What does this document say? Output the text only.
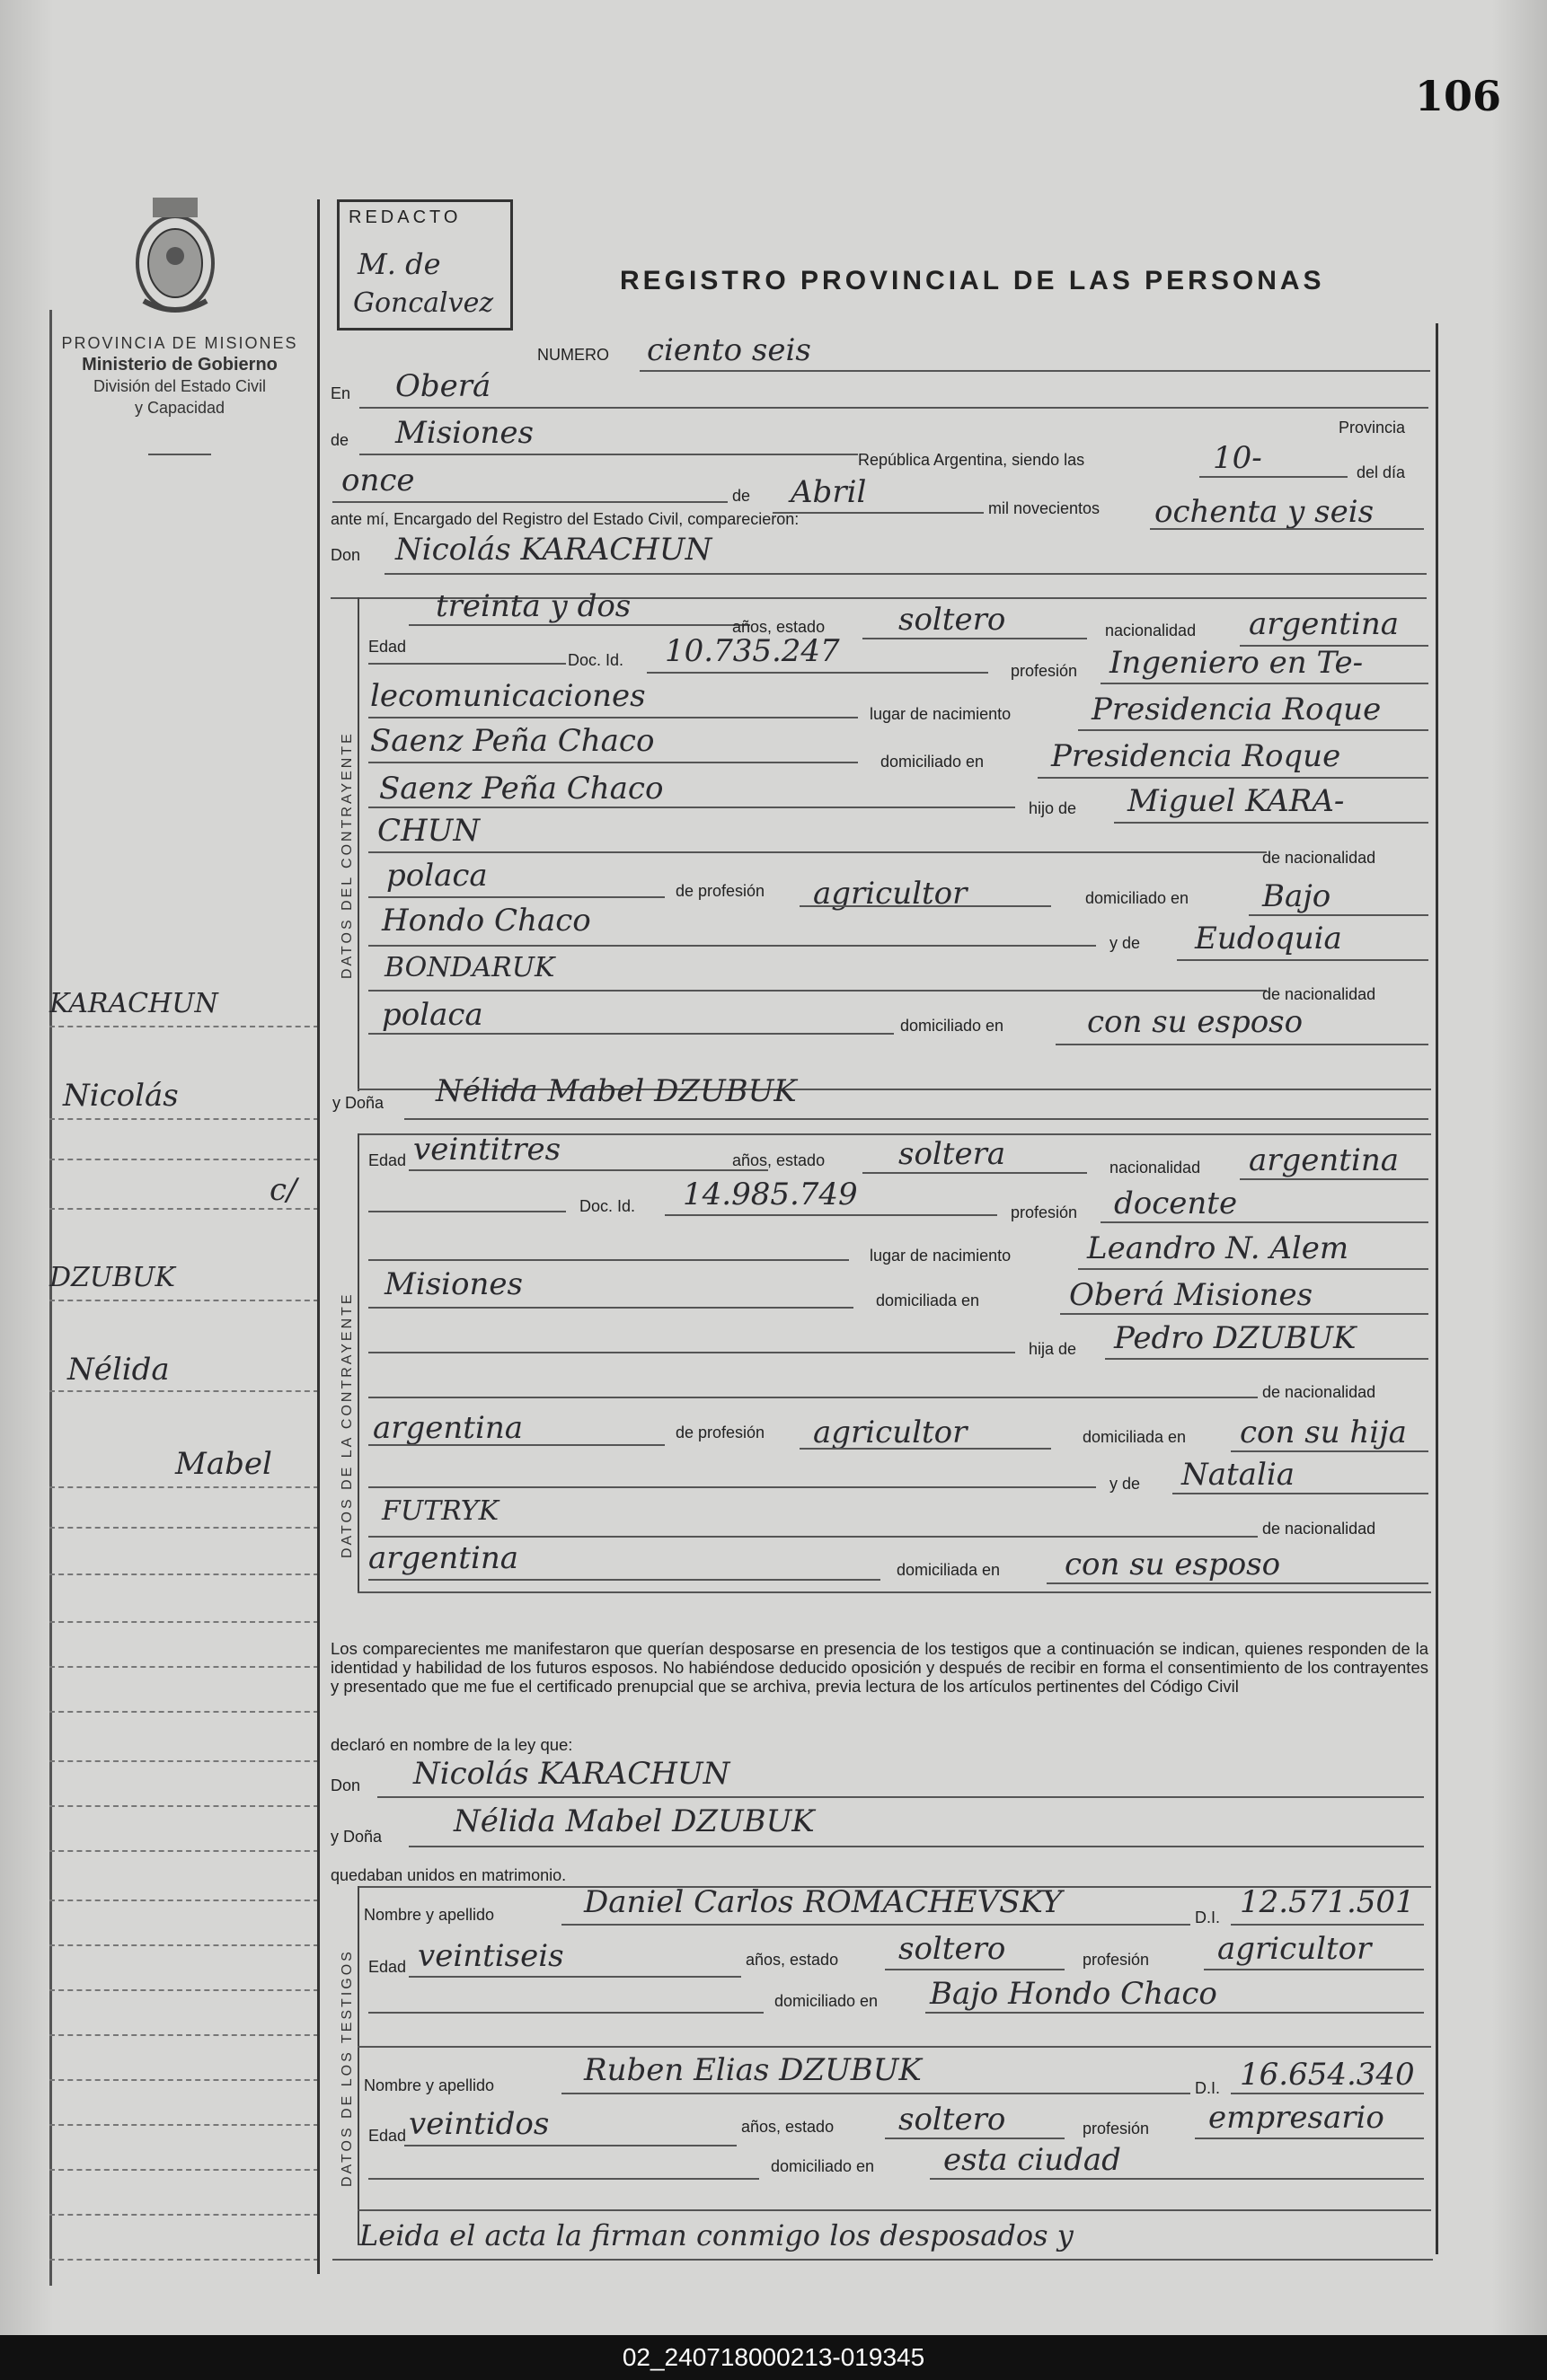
106
PROVINCIA DE MISIONES
Ministerio de Gobierno
División del Estado Civil
y Capacidad
KARACHUN
Nicolás
c/
DZUBUK
Nélida
Mabel
REDACTO
M. de
Goncalvez
REGISTRO PROVINCIAL DE LAS PERSONAS
NUMERO ciento seis
En Oberá
Provincia
de Misiones
República Argentina, siendo las	10-	del día
once	de Abril	mil novecientos ochenta y seis
ante mí, Encargado del Registro del Estado Civil, comparecieron:
Don Nicolás KARACHUN
DATOS DEL CONTRAYENTE
Edad
treinta y dos
años, estado soltero	nacionalidad argentina
Doc. Id. 10.735.247
profesión Ingeniero en Te-
lecomunicaciones	lugar de nacimiento	Presidencia Roque
Saenz Peña Chaco
domiciliado en Presidencia Roque
Saenz Peña Chaco
hijo de Miguel KARA-
CHUN
de nacionalidad
polaca	de profesión agricultor	domiciliado en Bajo
Hondo Chaco
y de Eudoquia
BONDARUK
de nacionalidad
polaca	domiciliado en	con su esposo
y Doña Nélida Mabel DZUBUK
DATOS DE LA CONTRAYENTE
Edad veintitres	años, estado soltera	nacionalidad argentina
Doc. Id. 14.985.749	profesión docente
lugar de nacimiento Leandro N. Alem
Misiones	domiciliada en	Oberá Misiones
hija de Pedro DZUBUK
de nacionalidad
argentina	de profesión agricultor	domiciliada en con su hija
y de Natalia
FUTRYK
de nacionalidad
argentina	domiciliada en con su esposo
Los comparecientes me manifestaron que querían desposarse en presencia de los testigos que a continuación se indican, quienes responden de la identidad y habilidad de los futuros esposos. No habiéndose deducido oposición y después de recibir en forma el consentimiento de los contrayentes y presentado que me fue el certificado prenupcial que se archiva, previa lectura de los artículos pertinentes del Código Civil
declaró en nombre de la ley que:
Don Nicolás KARACHUN
y Doña Nélida Mabel DZUBUK
quedaban unidos en matrimonio.
DATOS DE LOS TESTIGOS
Nombre y apellido	Daniel Carlos ROMACHEVSKY	D.I. 12.571.501
Edad veintiseis	años, estado soltero	profesión agricultor
domiciliado en Bajo Hondo Chaco
Nombre y apellido	Ruben Elias DZUBUK	D.I. 16.654.340
Edad veintidos	años, estado soltero	profesión empresario
domiciliado en esta ciudad
Leida el acta la firman conmigo los desposados y
02_240718000213-019345
